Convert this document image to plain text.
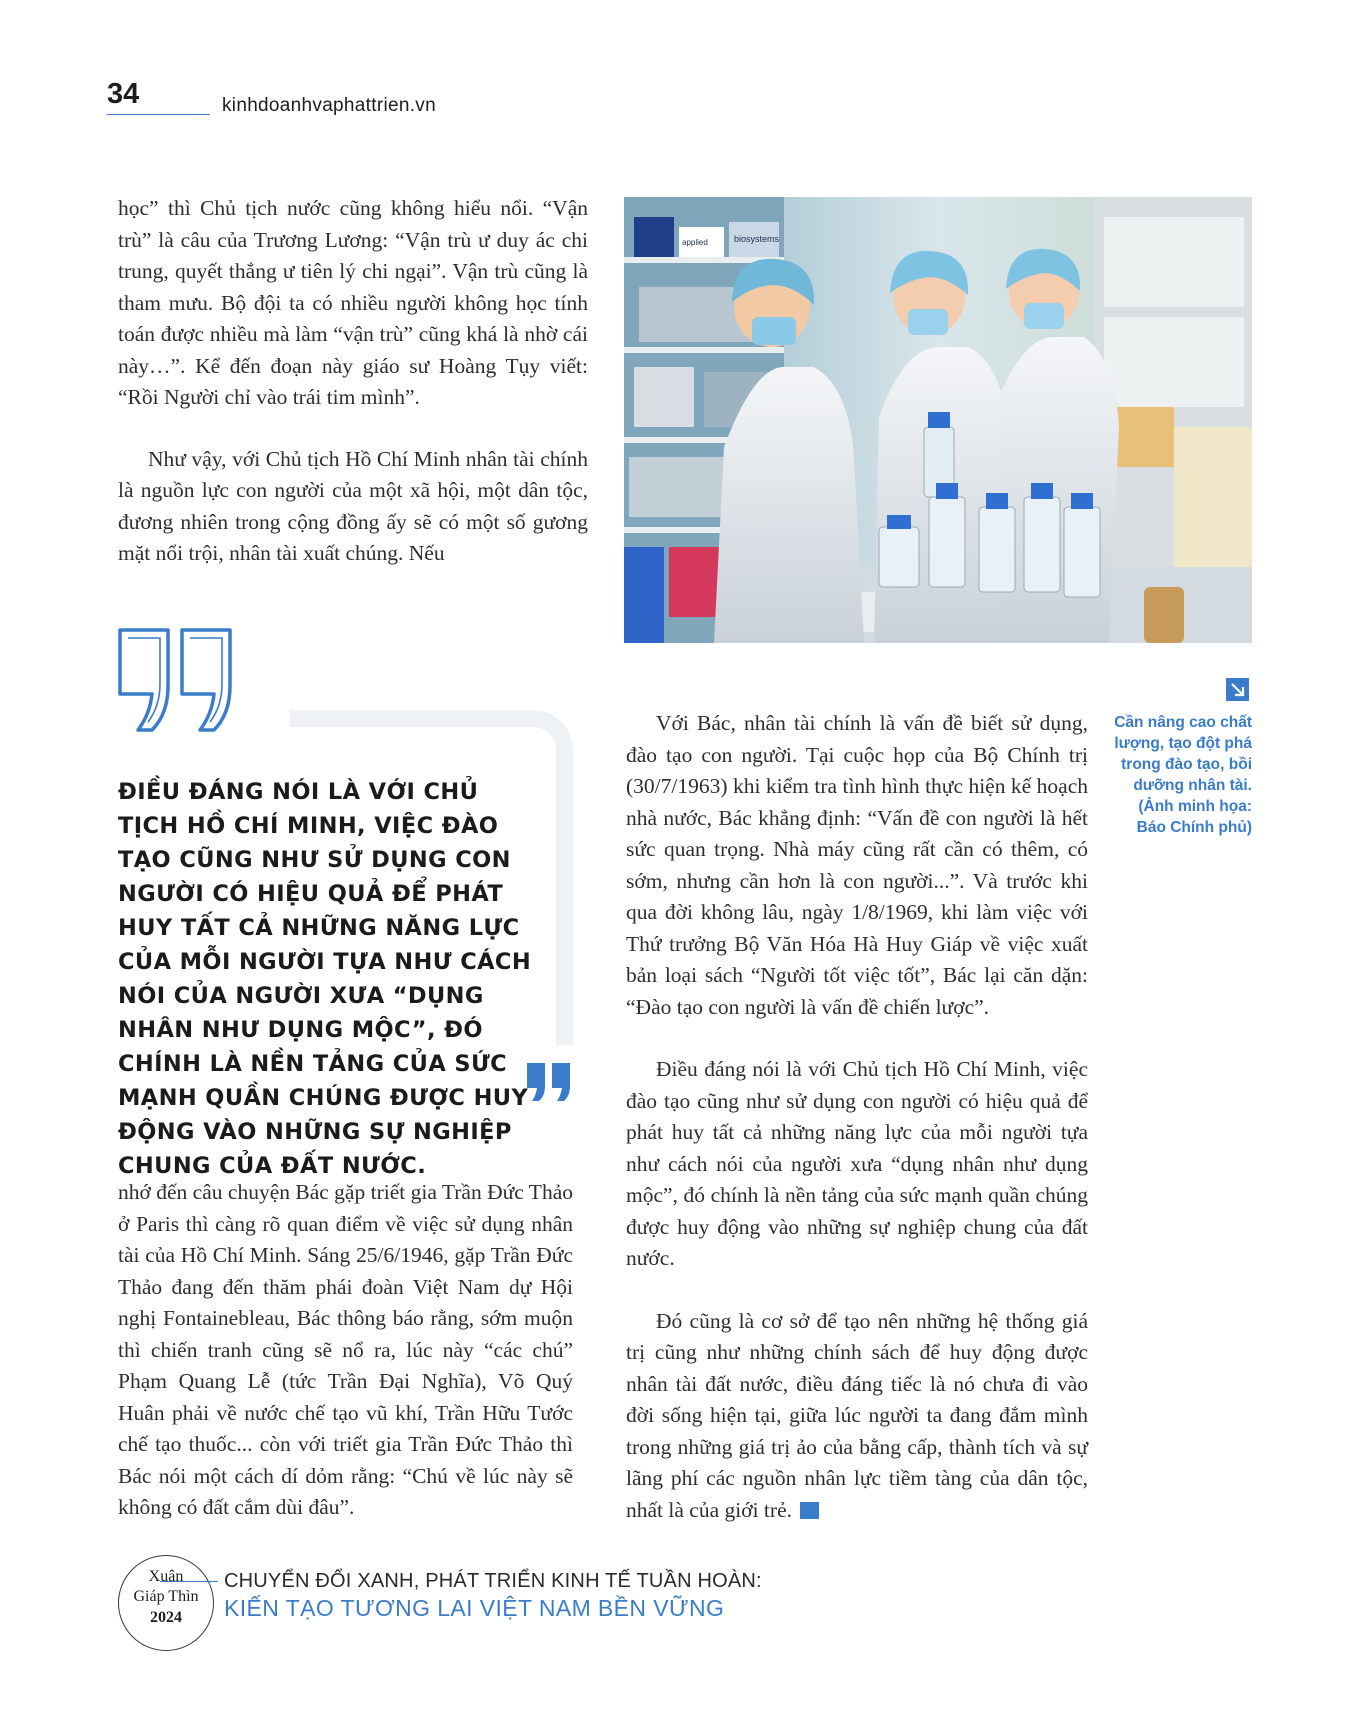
34	kinhdoanhvaphattrien.vn

học” thì Chủ tịch nước cũng không hiểu nổi. “Vận trù” là câu của Trương Lương: “Vận trù ư duy ác chi trung, quyết thắng ư tiên lý chi ngại”. Vận trù cũng là tham mưu. Bộ đội ta có nhiều người không học tính toán được nhiều mà làm “vận trù” cũng khá là nhờ cái này…”. Kể đến đoạn này giáo sư Hoàng Tụy viết: “Rồi Người chỉ vào trái tim mình”.

Như vậy, với Chủ tịch Hồ Chí Minh nhân tài chính là nguồn lực con người của một xã hội, một dân tộc, đương nhiên trong cộng đồng ấy sẽ có một số gương mặt nổi trội, nhân tài xuất chúng. Nếu

biosystems
applied
Cần nâng cao chất lượng, tạo đột phá trong đào tạo, bồi dưỡng nhân tài. (Ảnh minh họa: Báo Chính phủ)
ĐIỀU ĐÁNG NÓI LÀ VỚI CHỦ TỊCH HỒ CHÍ MINH, VIỆC ĐÀO TẠO CŨNG NHƯ SỬ DỤNG CON NGƯỜI CÓ HIỆU QUẢ ĐỂ PHÁT HUY TẤT CẢ NHỮNG NĂNG LỰC CỦA MỖI NGƯỜI TỰA NHƯ CÁCH NÓI CỦA NGƯỜI XƯA “DỤNG NHÂN NHƯ DỤNG MỘC”, ĐÓ CHÍNH LÀ NỀN TẢNG CỦA SỨC MẠNH QUẦN CHÚNG ĐƯỢC HUY ĐỘNG VÀO NHỮNG SỰ NGHIỆP CHUNG CỦA ĐẤT NƯỚC.

nhớ đến câu chuyện Bác gặp triết gia Trần Đức Thảo ở Paris thì càng rõ quan điểm về việc sử dụng nhân tài của Hồ Chí Minh. Sáng 25/6/1946, gặp Trần Đức Thảo đang đến thăm phái đoàn Việt Nam dự Hội nghị Fontainebleau, Bác thông báo rằng, sớm muộn thì chiến tranh cũng sẽ nổ ra, lúc này “các chú” Phạm Quang Lễ (tức Trần Đại Nghĩa), Võ Quý Huân phải về nước chế tạo vũ khí, Trần Hữu Tước chế tạo thuốc... còn với triết gia Trần Đức Thảo thì Bác nói một cách dí dỏm rằng: “Chú về lúc này sẽ không có đất cắm dùi đâu”.

Với Bác, nhân tài chính là vấn đề biết sử dụng, đào tạo con người. Tại cuộc họp của Bộ Chính trị (30/7/1963) khi kiểm tra tình hình thực hiện kế hoạch nhà nước, Bác khẳng định: “Vấn đề con người là hết sức quan trọng. Nhà máy cũng rất cần có thêm, có sớm, nhưng cần hơn là con người...”. Và trước khi qua đời không lâu, ngày 1/8/1969, khi làm việc với Thứ trưởng Bộ Văn Hóa Hà Huy Giáp về việc xuất bản loại sách “Người tốt việc tốt”, Bác lại căn dặn: “Đào tạo con người là vấn đề chiến lược”.

Điều đáng nói là với Chủ tịch Hồ Chí Minh, việc đào tạo cũng như sử dụng con người có hiệu quả để phát huy tất cả những năng lực của mỗi người tựa như cách nói của người xưa “dụng nhân như dụng mộc”, đó chính là nền tảng của sức mạnh quần chúng được huy động vào những sự nghiệp chung của đất nước.

Đó cũng là cơ sở để tạo nên những hệ thống giá trị cũng như những chính sách để huy động được nhân tài đất nước, điều đáng tiếc là nó chưa đi vào đời sống hiện tại, giữa lúc người ta đang đắm mình trong những giá trị ảo của bằng cấp, thành tích và sự lãng phí các nguồn nhân lực tiềm tàng của dân tộc, nhất là của giới trẻ.

Xuân
Giáp Thìn
2024
CHUYỂN ĐỔI XANH, PHÁT TRIỂN KINH TẾ TUẦN HOÀN:
KIẾN TẠO TƯƠNG LAI VIỆT NAM BỀN VỮNG
